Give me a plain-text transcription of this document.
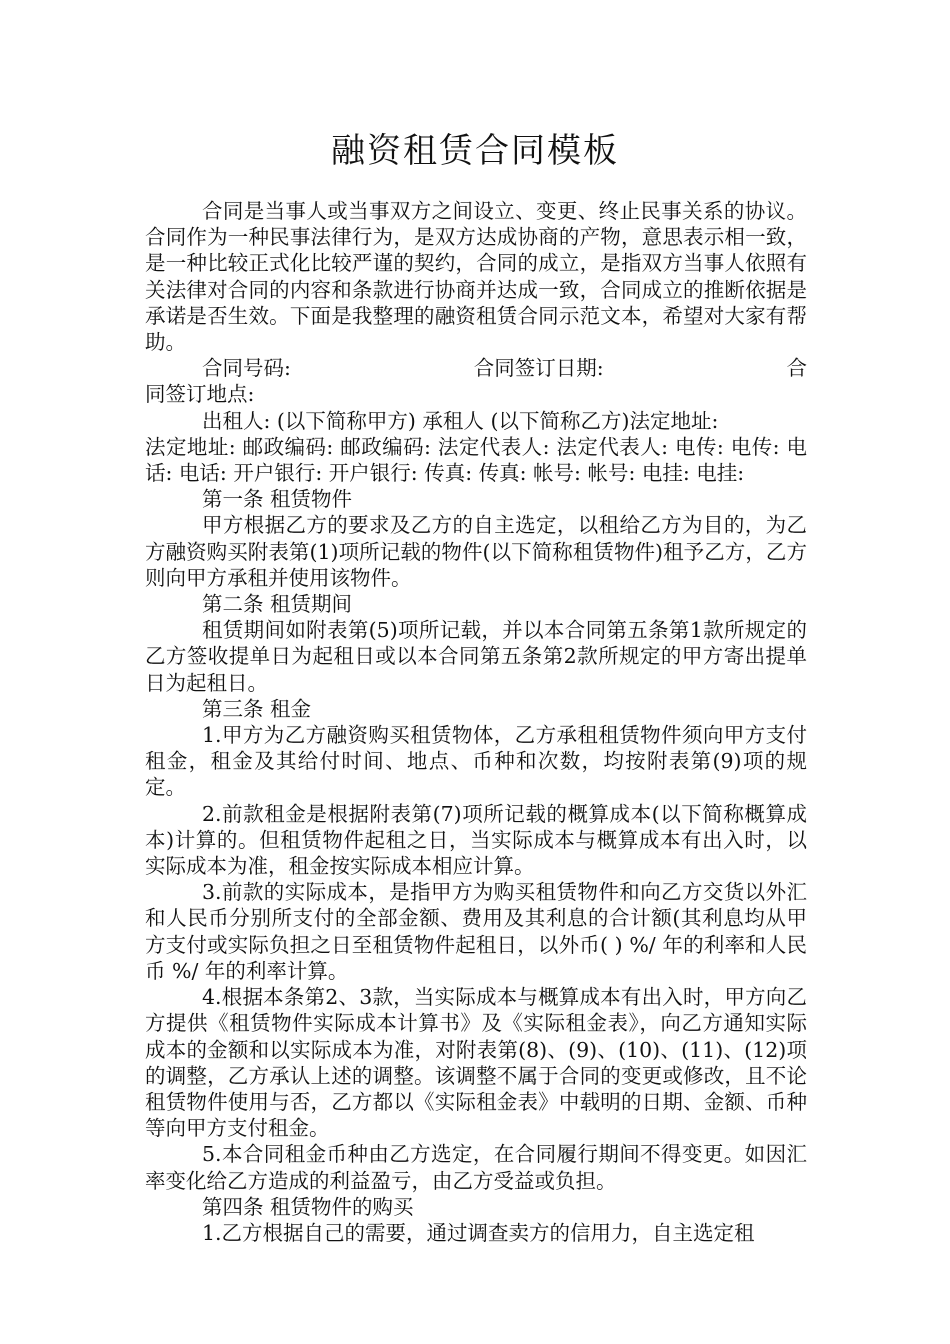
融资租赁合同模板

合同是当事人或当事双方之间设立、变更、终止民事关系的协议。合同作为一种民事法律行为，是双方达成协商的产物，意思表示相一致，是一种比较正式化比较严谨的契约，合同的成立，是指双方当事人依照有关法律对合同的内容和条款进行协商并达成一致，合同成立的推断依据是承诺是否生效。下面是我整理的融资租赁合同示范文本，希望对大家有帮助。

合同号码:	合同签订日期:	合

同签订地点:

出租人: (以下简称甲方) 承租人 (以下简称乙方)法定地址:

法定地址: 邮政编码: 邮政编码: 法定代表人: 法定代表人: 电传: 电传: 电话: 电话: 开户银行: 开户银行: 传真: 传真: 帐号: 帐号: 电挂: 电挂:

第一条 租赁物件

甲方根据乙方的要求及乙方的自主选定，以租给乙方为目的，为乙方融资购买附表第(1)项所记载的物件(以下简称租赁物件)租予乙方，乙方则向甲方承租并使用该物件。

第二条 租赁期间

租赁期间如附表第(5)项所记载，并以本合同第五条第1款所规定的乙方签收提单日为起租日或以本合同第五条第2款所规定的甲方寄出提单日为起租日。

第三条 租金

1.甲方为乙方融资购买租赁物体，乙方承租租赁物件须向甲方支付租金，租金及其给付时间、地点、币种和次数，均按附表第(9)项的规定。

2.前款租金是根据附表第(7)项所记载的概算成本(以下简称概算成本)计算的。但租赁物件起租之日，当实际成本与概算成本有出入时，以实际成本为准，租金按实际成本相应计算。

3.前款的实际成本，是指甲方为购买租赁物件和向乙方交货以外汇和人民币分别所支付的全部金额、费用及其利息的合计额(其利息均从甲方支付或实际负担之日至租赁物件起租日，以外币( ) %/ 年的利率和人民币 %/ 年的利率计算。

4.根据本条第2、3款，当实际成本与概算成本有出入时，甲方向乙方提供《租赁物件实际成本计算书》及《实际租金表》，向乙方通知实际成本的金额和以实际成本为准，对附表第(8)、(9)、(10)、(11)、(12)项的调整，乙方承认上述的调整。该调整不属于合同的变更或修改，且不论租赁物件使用与否，乙方都以《实际租金表》中载明的日期、金额、币种等向甲方支付租金。

5.本合同租金币种由乙方选定，在合同履行期间不得变更。如因汇率变化给乙方造成的利益盈亏，由乙方受益或负担。

第四条 租赁物件的购买

1.乙方根据自己的需要，通过调查卖方的信用力，自主选定租
